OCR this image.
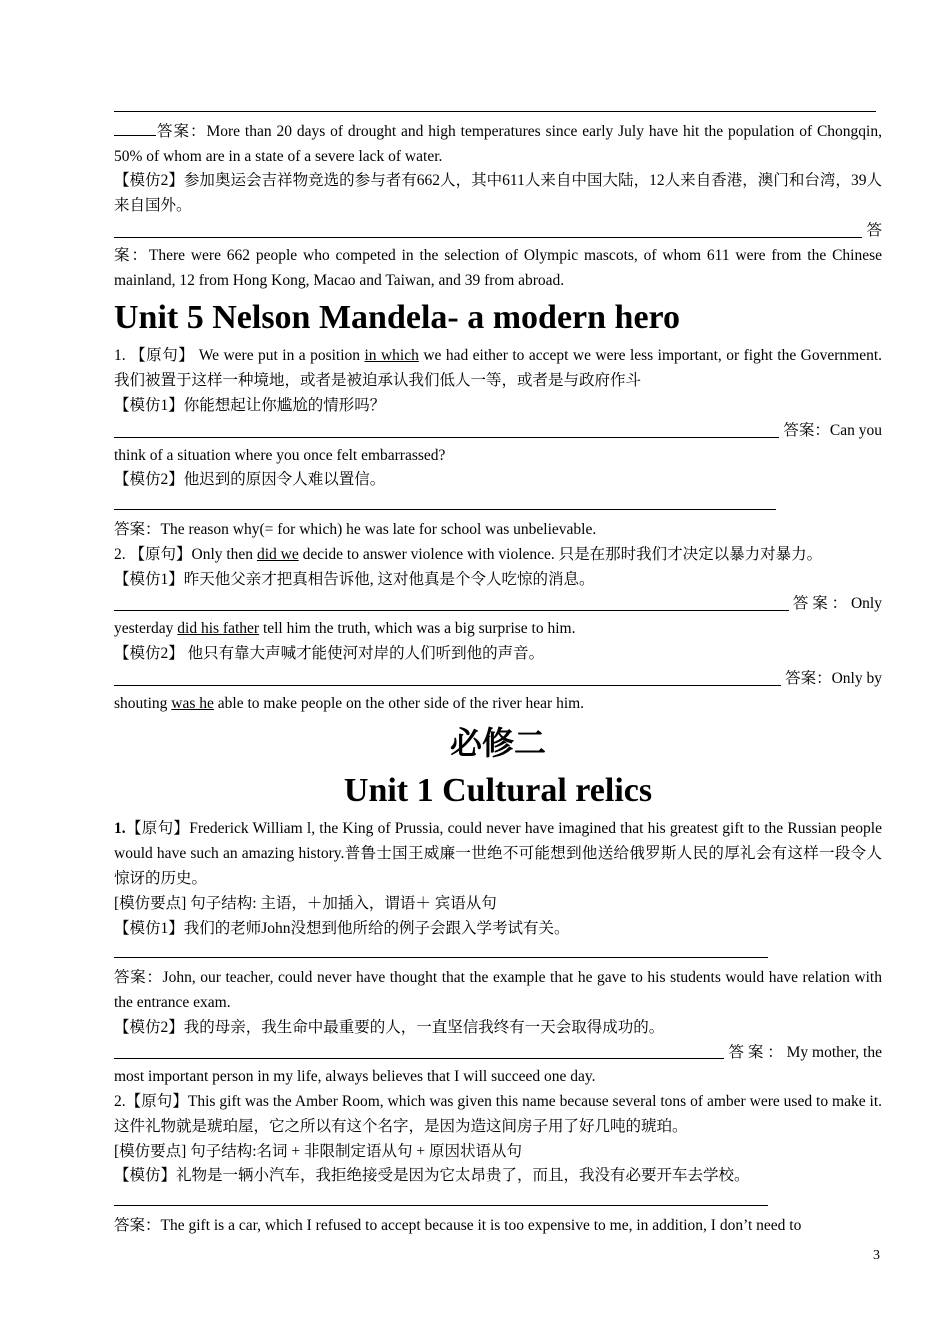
答案：More than 20 days of drought and high temperatures since early July have hit the population of Chongqin, 50% of whom are in a state of a severe lack of water.

【模仿2】参加奥运会吉祥物竞选的参与者有662人，其中611人来自中国大陆，12人来自香港，澳门和台湾，39人来自国外。

答

案：There were 662 people who competed in the selection of Olympic mascots, of whom 611 were from the Chinese mainland, 12 from Hong Kong, Macao and Taiwan, and 39 from abroad.

Unit 5 Nelson Mandela- a modern hero

1. 【原句】 We were put in a position in which we had either to accept we were less important, or fight the Government.我们被置于这样一种境地，或者是被迫承认我们低人一等，或者是与政府作斗

【模仿1】你能想起让你尴尬的情形吗？

答案：Can you

think of a situation where you once felt embarrassed?

【模仿2】他迟到的原因令人难以置信。

答案：The reason why(= for which) he was late for school was unbelievable.

2. 【原句】Only then did we decide to answer violence with violence. 只是在那时我们才决定以暴力对暴力。

【模仿1】昨天他父亲才把真相告诉他, 这对他真是个令人吃惊的消息。

答 案 ： Only

yesterday did his father tell him the truth, which was a big surprise to him.

【模仿2】 他只有靠大声喊才能使河对岸的人们听到他的声音。

答案：Only by

shouting was he able to make people on the other side of the river hear him.

必修二
Unit 1 Cultural relics

1.【原句】Frederick William l, the King of Prussia, could never have imagined that his greatest gift to the Russian people would have such an amazing history.普鲁士国王威廉一世绝不可能想到他送给俄罗斯人民的厚礼会有这样一段令人惊讶的历史。

[模仿要点] 句子结构: 主语，＋加插入，谓语＋ 宾语从句

【模仿1】我们的老师John没想到他所给的例子会跟入学考试有关。

答案：John, our teacher, could never have thought that the example that he gave to his students would have relation with the entrance exam.

【模仿2】我的母亲，我生命中最重要的人，一直坚信我终有一天会取得成功的。

答 案 ： My mother, the

most important person in my life, always believes that I will succeed one day.

2.【原句】This gift was the Amber Room, which was given this name because several tons of amber were used to make it. 这件礼物就是琥珀屋，它之所以有这个名字，是因为造这间房子用了好几吨的琥珀。

[模仿要点] 句子结构:名词 + 非限制定语从句 + 原因状语从句

【模仿】礼物是一辆小汽车，我拒绝接受是因为它太昂贵了，而且，我没有必要开车去学校。

答案：The gift is a car, which I refused to accept because it is too expensive to me, in addition, I don’t need to

3
